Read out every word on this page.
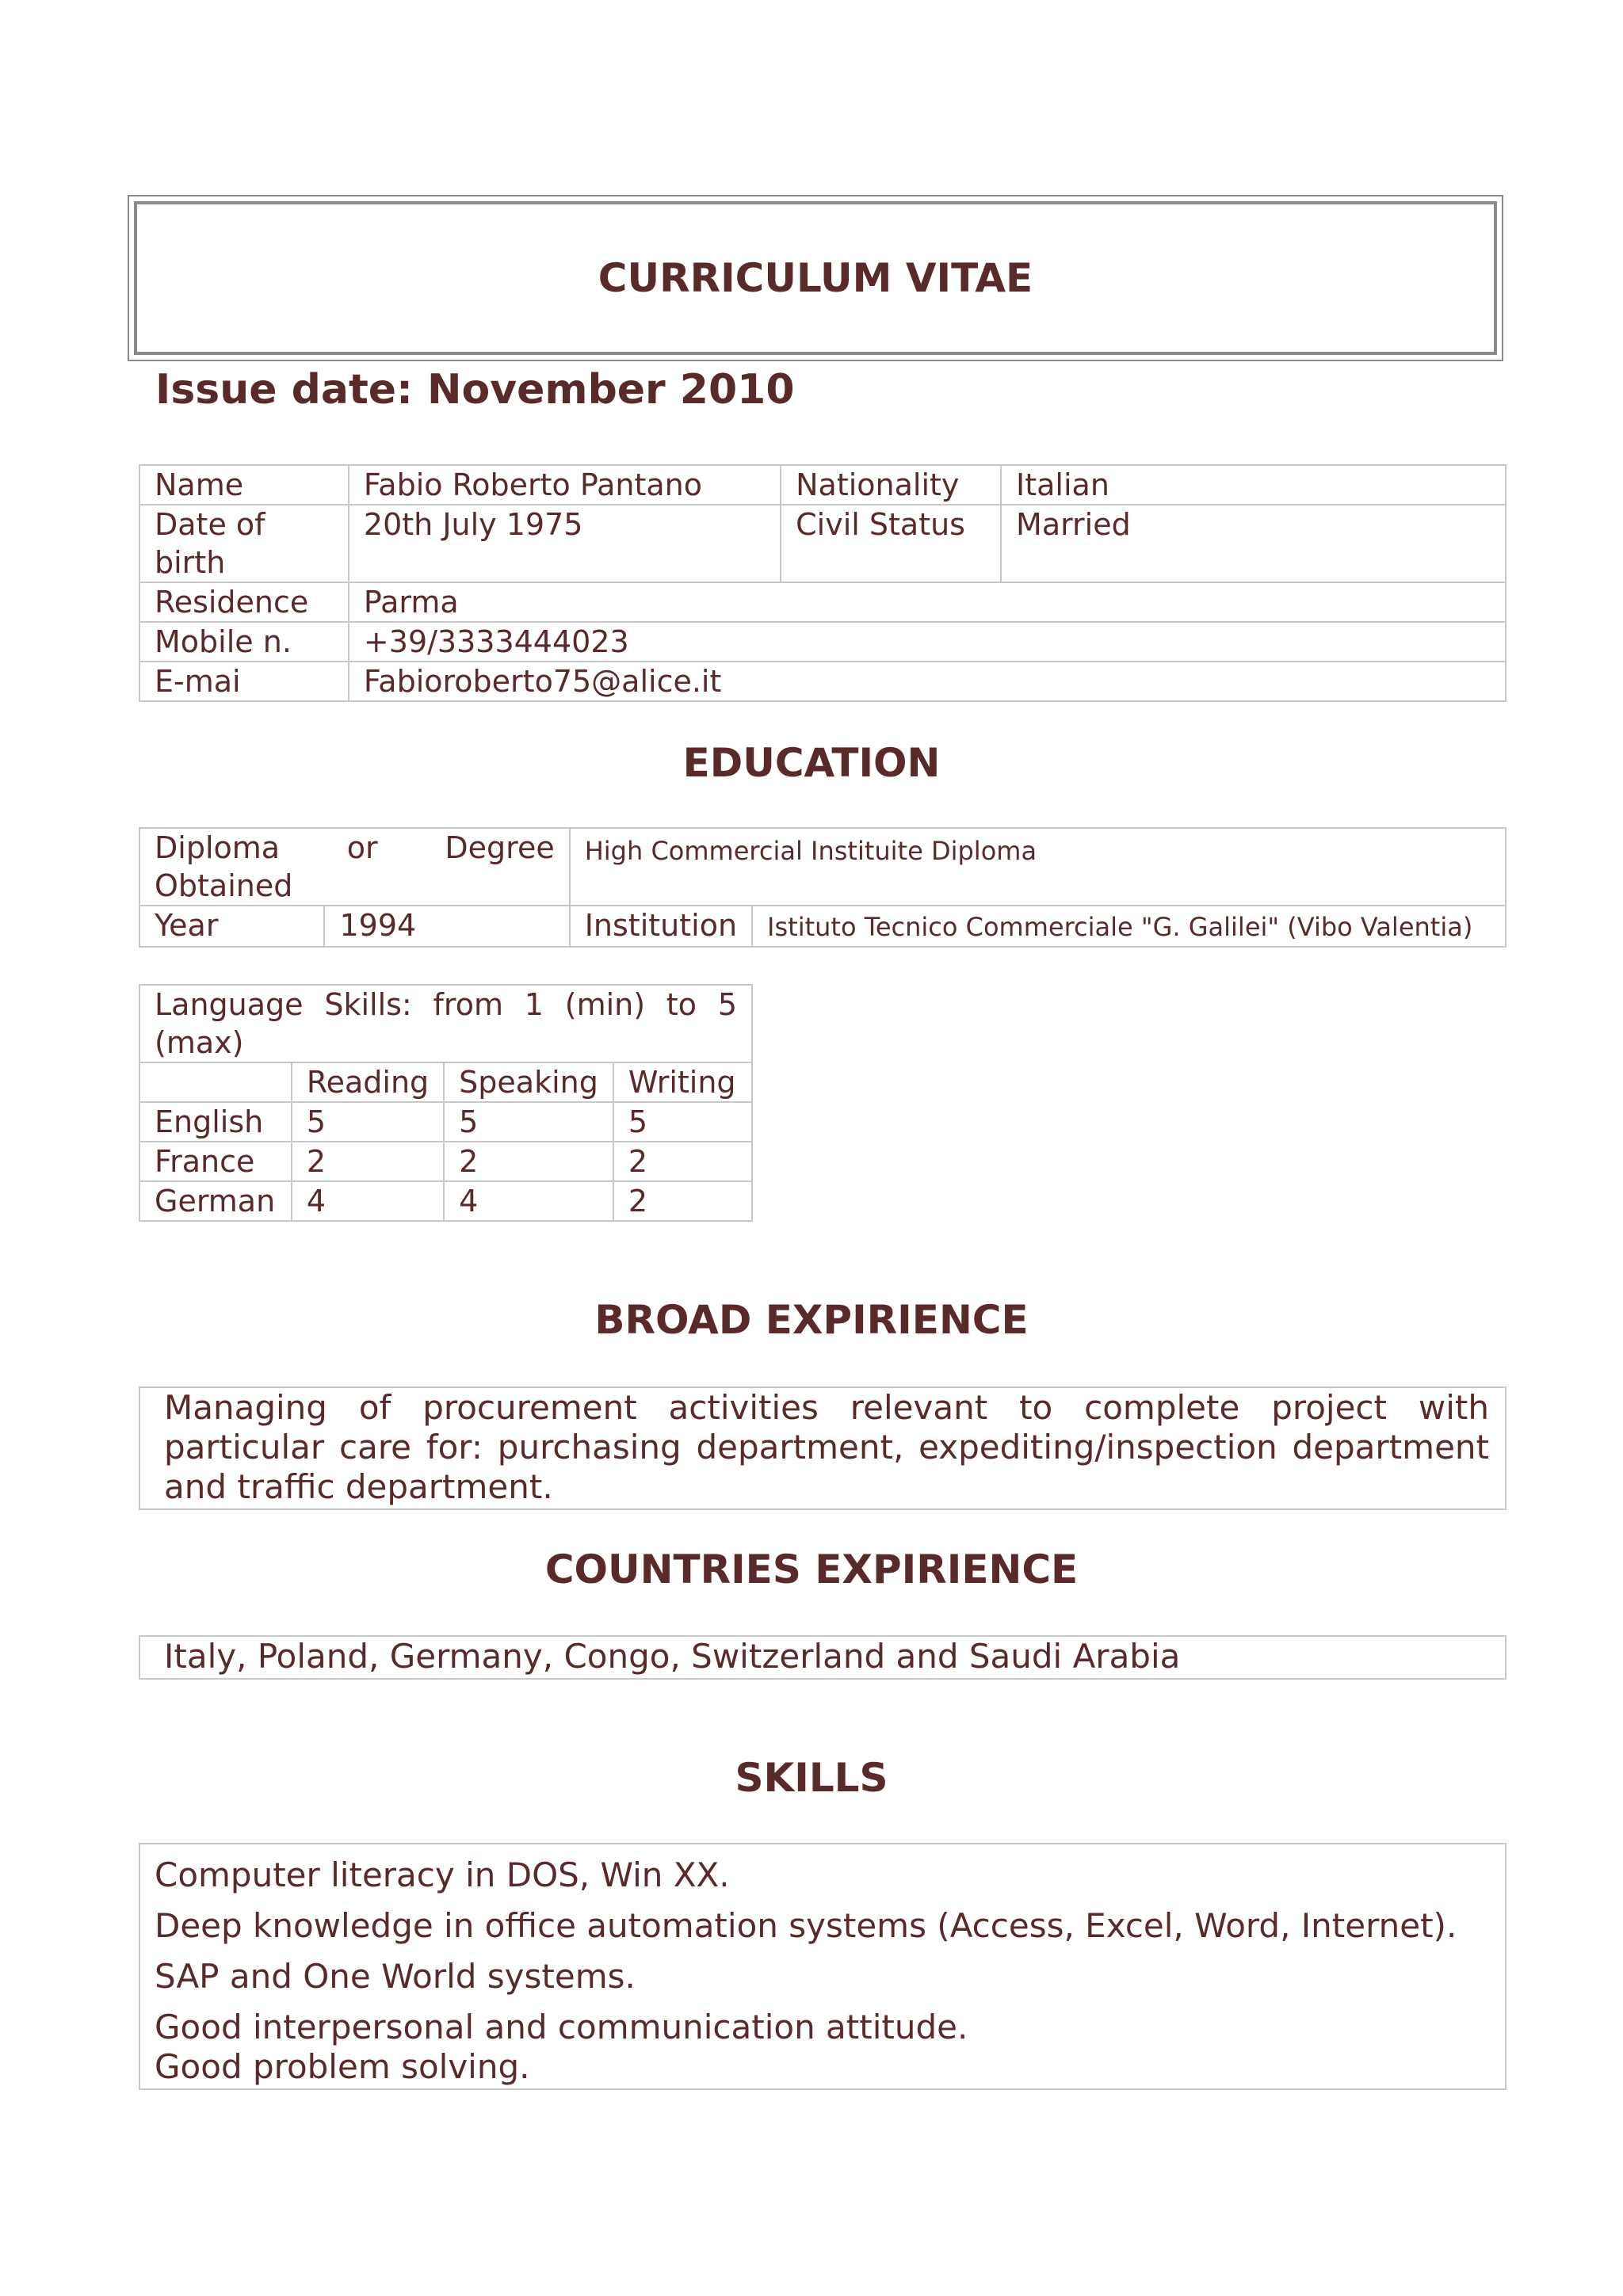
CURRICULUM VITAE
Issue date: November 2010
Name	Fabio Roberto Pantano	Nationality	Italian
Date of birth	20th July 1975	Civil Status	Married
Residence	Parma		
Mobile n.	+39/3333444023		
E-mai	Fabioroberto75@alice.it		
EDUCATION
Diploma or Degree Obtained		High Commercial Instituite Diploma	
Year	1994	Institution	Istituto Tecnico Commerciale "G. Galilei" (Vibo Valentia)
Language Skills: from 1 (min) to 5 (max)			
	Reading	Speaking	Writing
English	5	5	5
France	2	2	2
German	4	4	2
BROAD EXPIRIENCE
Managing of procurement activities relevant to complete project with particular care for: purchasing department, expediting/inspection department and traffic department.
COUNTRIES EXPIRIENCE
Italy, Poland, Germany, Congo, Switzerland and Saudi Arabia
SKILLS
Computer literacy in DOS, Win XX.
Deep knowledge in office automation systems (Access, Excel, Word, Internet).
SAP and One World systems.
Good interpersonal and communication attitude.
Good problem solving.
